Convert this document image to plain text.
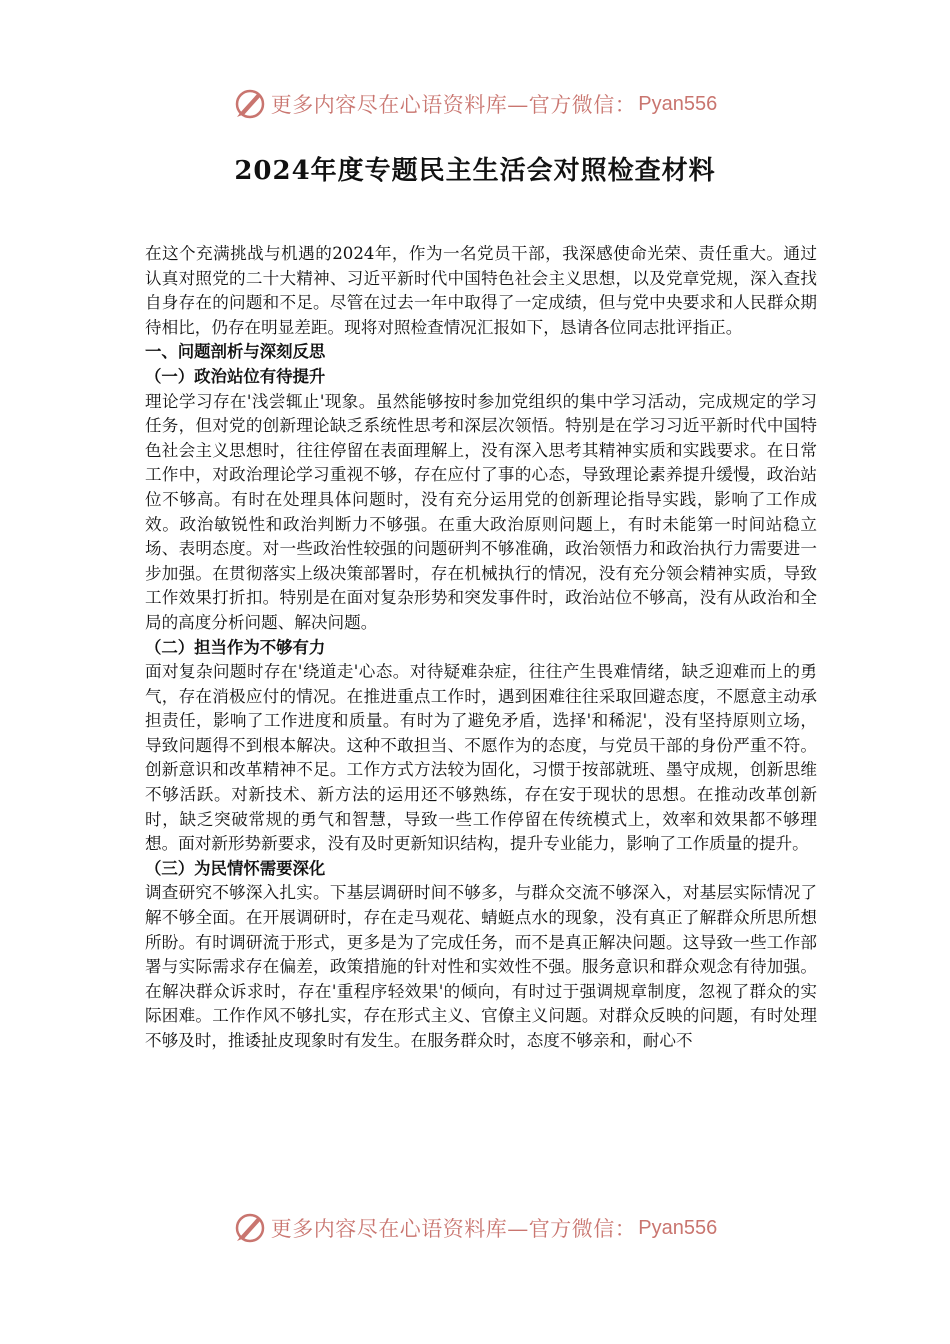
更多内容尽在心语资料库—官方微信： Pyan556
2024年度专题民主生活会对照检查材料

在这个充满挑战与机遇的2024年，作为一名党员干部，我深感使命光荣、责任重大。通过认真对照党的二十大精神、习近平新时代中国特色社会主义思想，以及党章党规，深入查找自身存在的问题和不足。尽管在过去一年中取得了一定成绩，但与党中央要求和人民群众期待相比，仍存在明显差距。现将对照检查情况汇报如下，恳请各位同志批评指正。

一、问题剖析与深刻反思
（一）政治站位有待提升

理论学习存在'浅尝辄止'现象。虽然能够按时参加党组织的集中学习活动，完成规定的学习任务，但对党的创新理论缺乏系统性思考和深层次领悟。特别是在学习习近平新时代中国特色社会主义思想时，往往停留在表面理解上，没有深入思考其精神实质和实践要求。在日常工作中，对政治理论学习重视不够，存在应付了事的心态，导致理论素养提升缓慢，政治站位不够高。有时在处理具体问题时，没有充分运用党的创新理论指导实践，影响了工作成效。政治敏锐性和政治判断力不够强。在重大政治原则问题上，有时未能第一时间站稳立场、表明态度。对一些政治性较强的问题研判不够准确，政治领悟力和政治执行力需要进一步加强。在贯彻落实上级决策部署时，存在机械执行的情况，没有充分领会精神实质，导致工作效果打折扣。特别是在面对复杂形势和突发事件时，政治站位不够高，没有从政治和全局的高度分析问题、解决问题。

（二）担当作为不够有力

面对复杂问题时存在'绕道走'心态。对待疑难杂症，往往产生畏难情绪，缺乏迎难而上的勇气，存在消极应付的情况。在推进重点工作时，遇到困难往往采取回避态度，不愿意主动承担责任，影响了工作进度和质量。有时为了避免矛盾，选择'和稀泥'，没有坚持原则立场，导致问题得不到根本解决。这种不敢担当、不愿作为的态度，与党员干部的身份严重不符。创新意识和改革精神不足。工作方式方法较为固化，习惯于按部就班、墨守成规，创新思维不够活跃。对新技术、新方法的运用还不够熟练，存在安于现状的思想。在推动改革创新时，缺乏突破常规的勇气和智慧，导致一些工作停留在传统模式上，效率和效果都不够理想。面对新形势新要求，没有及时更新知识结构，提升专业能力，影响了工作质量的提升。

（三）为民情怀需要深化

调查研究不够深入扎实。下基层调研时间不够多，与群众交流不够深入，对基层实际情况了解不够全面。在开展调研时，存在走马观花、蜻蜓点水的现象，没有真正了解群众所思所想所盼。有时调研流于形式，更多是为了完成任务，而不是真正解决问题。这导致一些工作部署与实际需求存在偏差，政策措施的针对性和实效性不强。服务意识和群众观念有待加强。在解决群众诉求时，存在'重程序轻效果'的倾向，有时过于强调规章制度，忽视了群众的实际困难。工作作风不够扎实，存在形式主义、官僚主义问题。对群众反映的问题，有时处理不够及时，推诿扯皮现象时有发生。在服务群众时，态度不够亲和，耐心不

更多内容尽在心语资料库—官方微信： Pyan556
